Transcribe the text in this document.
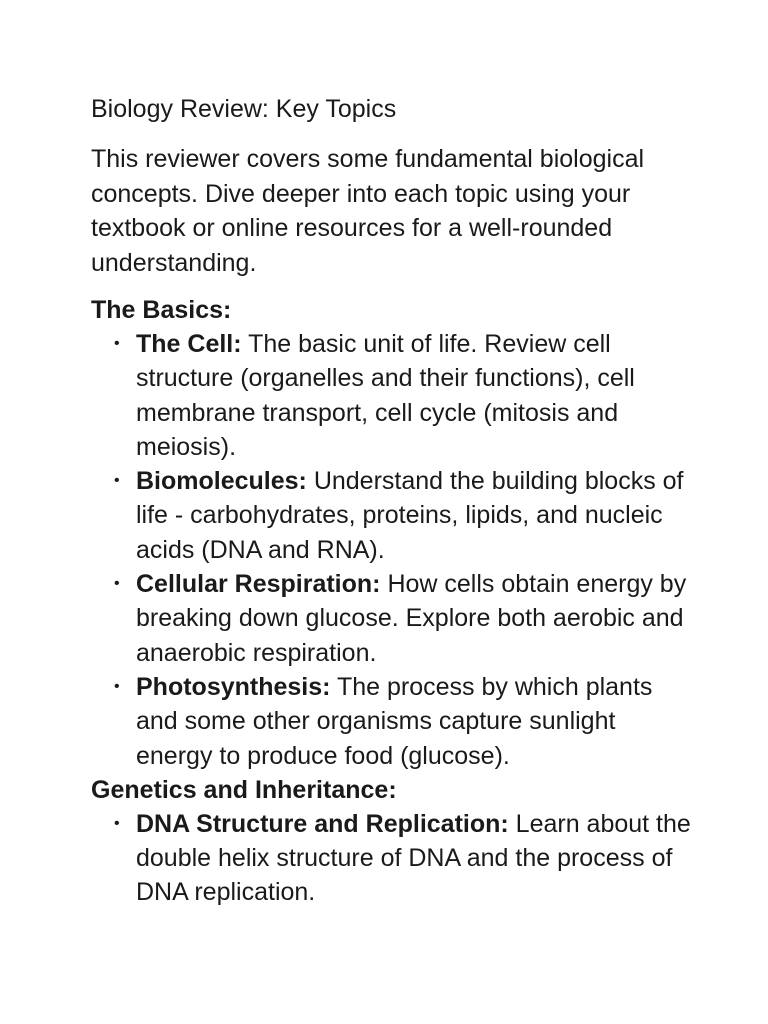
Biology Review: Key Topics

This reviewer covers some fundamental biological concepts. Dive deeper into each topic using your textbook or online resources for a well-rounded understanding.

The Basics:

• The Cell: The basic unit of life. Review cell structure (organelles and their functions), cell membrane transport, cell cycle (mitosis and meiosis).
• Biomolecules: Understand the building blocks of life - carbohydrates, proteins, lipids, and nucleic acids (DNA and RNA).
• Cellular Respiration: How cells obtain energy by breaking down glucose. Explore both aerobic and anaerobic respiration.
• Photosynthesis: The process by which plants and some other organisms capture sunlight energy to produce food (glucose).

Genetics and Inheritance:

• DNA Structure and Replication: Learn about the double helix structure of DNA and the process of DNA replication.
